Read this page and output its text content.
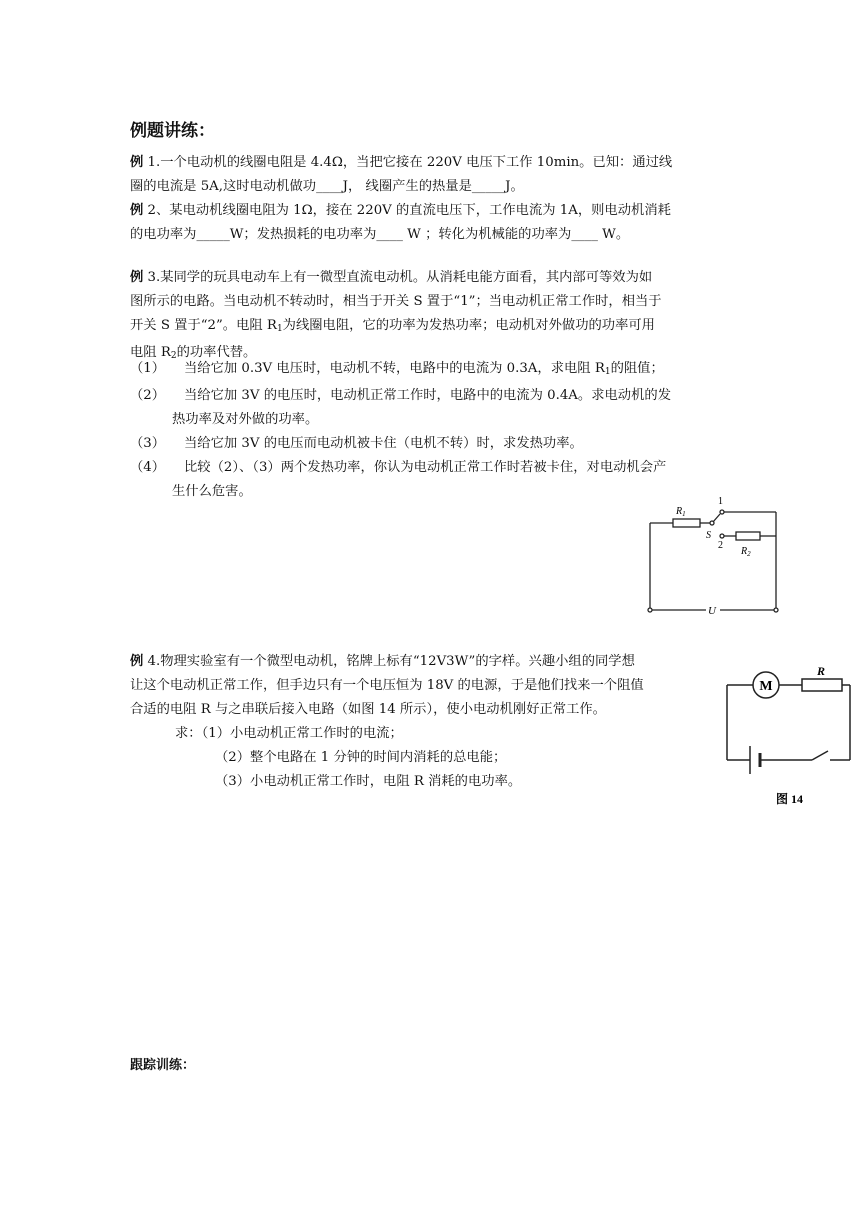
例题讲练：
例 1.一个电动机的线圈电阻是 4.4Ω，当把它接在 220V 电压下工作 10min。已知：通过线
圈的电流是 5A,这时电动机做功____J， 线圈产生的热量是_____J。
例 2、某电动机线圈电阻为 1Ω，接在 220V 的直流电压下，工作电流为 1A，则电动机消耗
的电功率为_____W；发热损耗的电功率为____ W ；转化为机械能的功率为____ W。
例 3.某同学的玩具电动车上有一微型直流电动机。从消耗电能方面看，其内部可等效为如
图所示的电路。当电动机不转动时，相当于开关 S 置于“1”；当电动机正常工作时，相当于
开关 S 置于“2”。电阻 $R_1$为线圈电阻，它的功率为发热功率；电动机对外做功的功率可用
电阻 $R_2$的功率代替。
（1） 当给它加 0.3V 电压时，电动机不转，电路中的电流为 0.3A，求电阻 $R_1$的阻值；
（2） 当给它加 3V 的电压时，电动机正常工作时，电路中的电流为 0.4A。求电动机的发
热功率及对外做的功率。
（3） 当给它加 3V 的电压而电动机被卡住（电机不转）时，求发热功率。
（4） 比较（2）、（3）两个发热功率，你认为电动机正常工作时若被卡住，对电动机会产
生什么危害。
$R_1$
1
S
2
$R_2$
U
例 4.物理实验室有一个微型电动机，铭牌上标有“12V3W”的字样。兴趣小组的同学想
让这个电动机正常工作，但手边只有一个电压恒为 18V 的电源，于是他们找来一个阻值
合适的电阻 R 与之串联后接入电路（如图 14 所示），使小电动机刚好正常工作。
求：（1）小电动机正常工作时的电流；
（2）整个电路在 1 分钟的时间内消耗的总电能；
（3）小电动机正常工作时，电阻 R 消耗的电功率。
M
R
图 14
跟踪训练：
